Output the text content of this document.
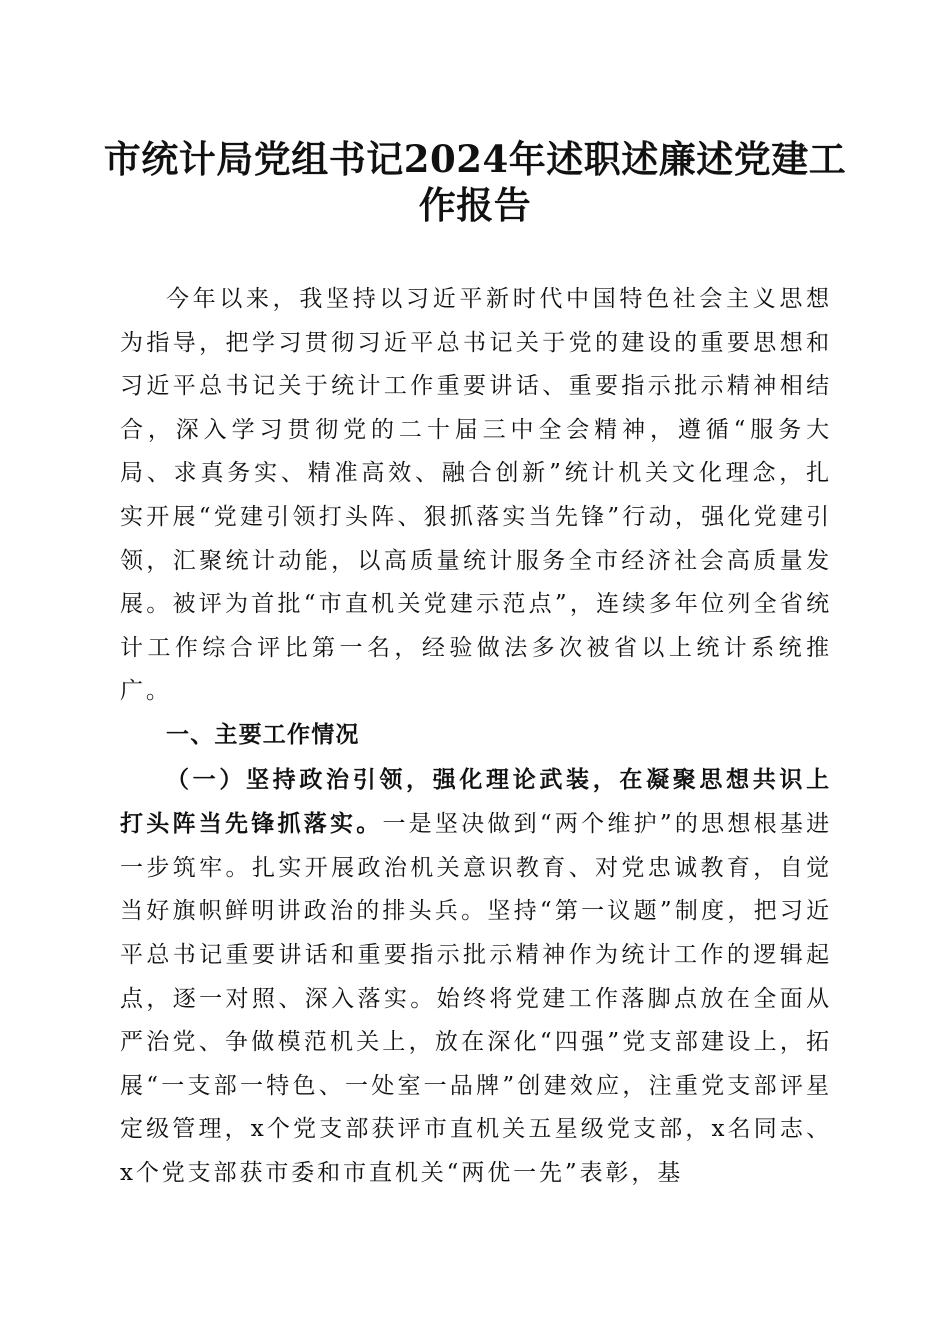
市统计局党组书记2024年述职述廉述党建工
作报告

今年以来，我坚持以习近平新时代中国特色社会主义思想为指导，把学习贯彻习近平总书记关于党的建设的重要思想和习近平总书记关于统计工作重要讲话、重要指示批示精神相结合，深入学习贯彻党的二十届三中全会精神，遵循“服务大局、求真务实、精准高效、融合创新”统计机关文化理念，扎实开展“党建引领打头阵、狠抓落实当先锋”行动，强化党建引领，汇聚统计动能，以高质量统计服务全市经济社会高质量发展。被评为首批“市直机关党建示范点”，连续多年位列全省统计工作综合评比第一名，经验做法多次被省以上统计系统推广。

一、主要工作情况

（一）坚持政治引领，强化理论武装，在凝聚思想共识上打头阵当先锋抓落实。一是坚决做到“两个维护”的思想根基进一步筑牢。扎实开展政治机关意识教育、对党忠诚教育，自觉当好旗帜鲜明讲政治的排头兵。坚持“第一议题”制度，把习近平总书记重要讲话和重要指示批示精神作为统计工作的逻辑起点，逐一对照、深入落实。始终将党建工作落脚点放在全面从严治党、争做模范机关上，放在深化“四强”党支部建设上，拓展“一支部一特色、一处室一品牌”创建效应，注重党支部评星定级管理，x个党支部获评市直机关五星级党支部，x名同志、x个党支部获市委和市直机关“两优一先”表彰，基
